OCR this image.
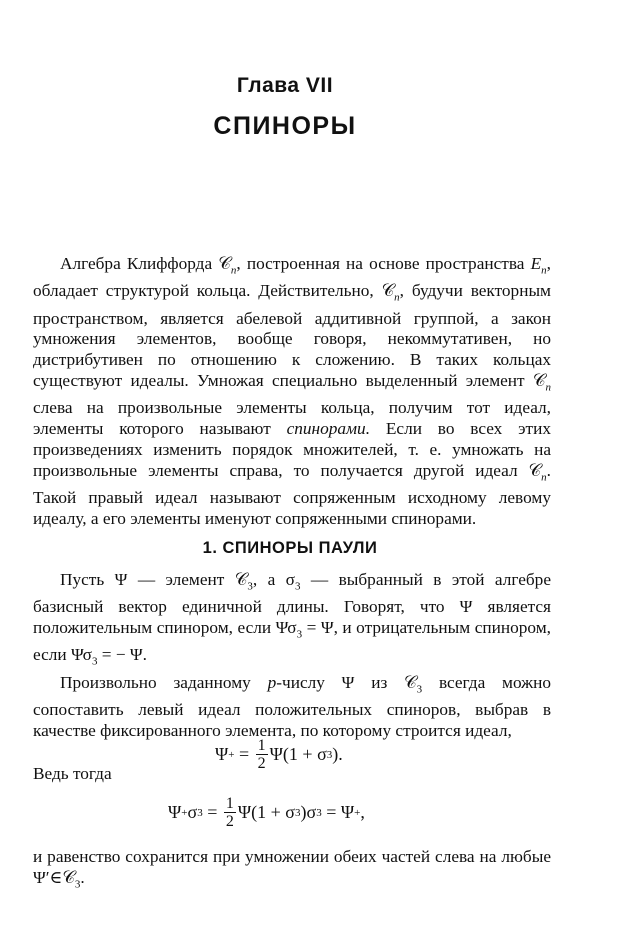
Глава VII
СПИНОРЫ

Алгебра Клиффорда 𝒞$_n$, построенная на основе пространства $E_n$, обладает структурой кольца. Действительно, 𝒞$_n$, будучи векторным пространством, является абелевой аддитивной группой, а закон умножения элементов, вообще говоря, некоммутативен, но дистрибутивен по отношению к сложению. В таких кольцах существуют идеалы. Умножая специально выделенный элемент 𝒞$_n$ слева на произвольные элементы кольца, получим тот идеал, элементы которого называют спинорами. Если во всех этих произведениях изменить порядок множителей, т. е. умножать на произвольные элементы справа, то получается другой идеал 𝒞$_n$. Такой правый идеал называют сопряженным исходному левому идеалу, а его элементы именуют сопряженными спинорами.

1. СПИНОРЫ ПАУЛИ

Пусть Ψ — элемент 𝒞$_3$, а $\sigma_3$ — выбранный в этой алгебре базисный вектор единичной длины. Говорят, что Ψ является положительным спинором, если $\Psi\sigma_3 = \Psi$, и отрицательным спинором, если $\Psi\sigma_3$ = − Ψ.

Произвольно заданному p-числу Ψ из 𝒞$_3$ всегда можно сопоставить левый идеал положительных спиноров, выбрав в качестве фиксированного элемента, по которому строится идеал,

Ψ + = $\frac{1}{2} \Psi(1 + \sigma$ 3 ).

Ведь тогда

Ψ + σ $3 = \frac{1}{2} \Psi(1 + \sigma$ 3 )σ 3 = Ψ + ,

и равенство сохранится при умножении обеих частей слева на любые Ψ′∈𝒞$_3$.
